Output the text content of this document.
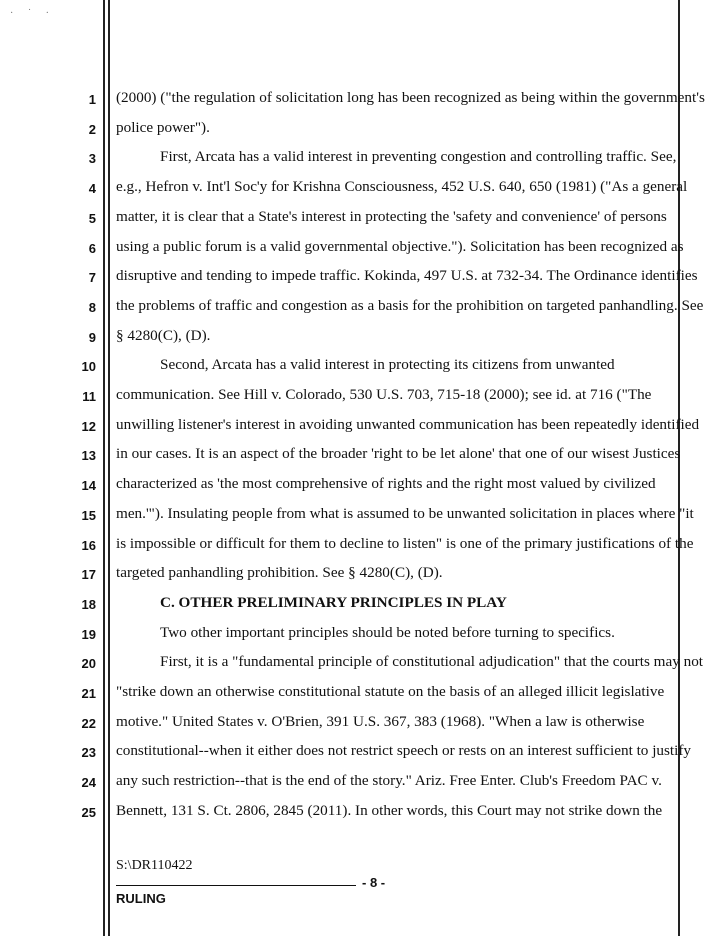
· ˙ ·
1 (2000) ("the regulation of solicitation long has been recognized as being within the government's
2 police power").
3	First, Arcata has a valid interest in preventing congestion and controlling traffic. See,
4 e.g., Hefron v. Int'l Soc'y for Krishna Consciousness, 452 U.S. 640, 650 (1981) ("As a general
5 matter, it is clear that a State's interest in protecting the 'safety and convenience' of persons
6 using a public forum is a valid governmental objective."). Solicitation has been recognized as
7 disruptive and tending to impede traffic. Kokinda, 497 U.S. at 732-34. The Ordinance identifies
8 the problems of traffic and congestion as a basis for the prohibition on targeted panhandling. See
9 § 4280(C), (D).
10	Second, Arcata has a valid interest in protecting its citizens from unwanted
11 communication. See Hill v. Colorado, 530 U.S. 703, 715-18 (2000); see id. at 716 ("The
12 unwilling listener's interest in avoiding unwanted communication has been repeatedly identified
13 in our cases. It is an aspect of the broader 'right to be let alone' that one of our wisest Justices
14 characterized as 'the most comprehensive of rights and the right most valued by civilized
15 men.'"). Insulating people from what is assumed to be unwanted solicitation in places where "it
16 is impossible or difficult for them to decline to listen" is one of the primary justifications of the
17 targeted panhandling prohibition. See § 4280(C), (D).
18	C. OTHER PRELIMINARY PRINCIPLES IN PLAY
19	Two other important principles should be noted before turning to specifics.
20	First, it is a "fundamental principle of constitutional adjudication" that the courts may not
21 "strike down an otherwise constitutional statute on the basis of an alleged illicit legislative
22 motive." United States v. O'Brien, 391 U.S. 367, 383 (1968). "When a law is otherwise
23 constitutional--when it either does not restrict speech or rests on an interest sufficient to justify
24 any such restriction--that is the end of the story." Ariz. Free Enter. Club's Freedom PAC v.
25 Bennett, 131 S. Ct. 2806, 2845 (2011). In other words, this Court may not strike down the
S:\DR110422
- 8 -
RULING
